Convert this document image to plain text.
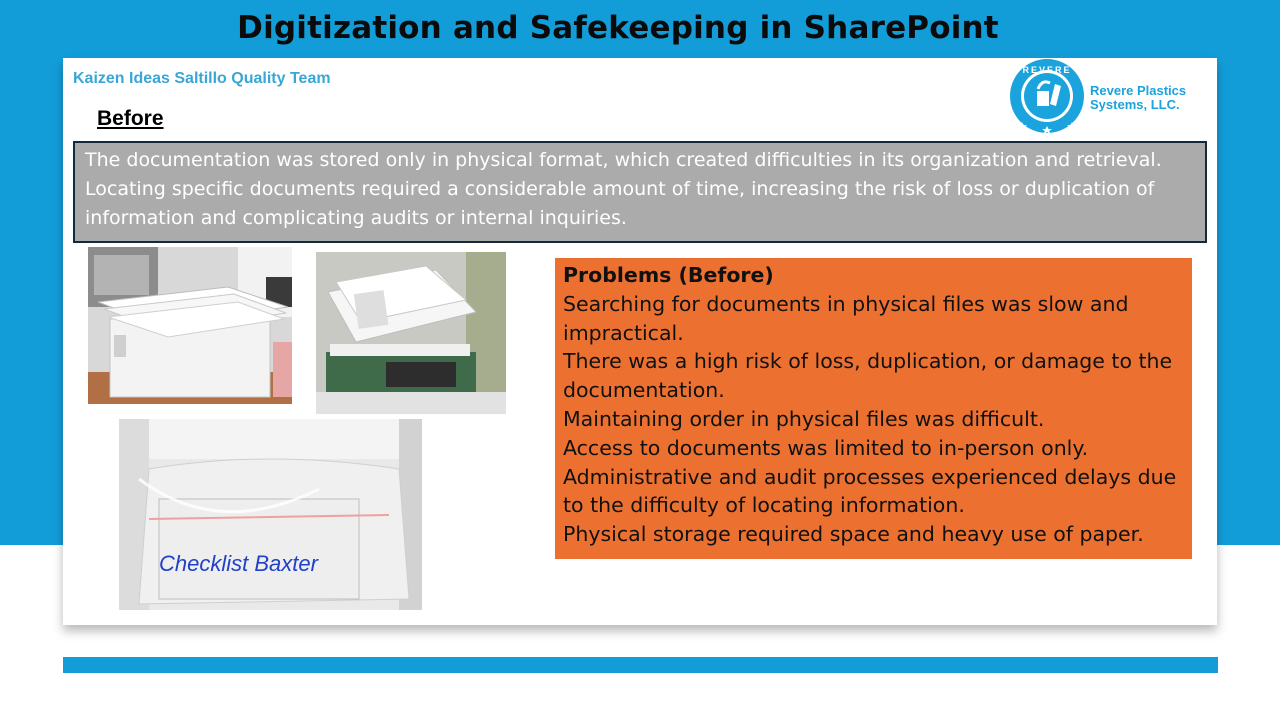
Digitization and Safekeeping in SharePoint
Kaizen Ideas Saltillo Quality Team
Before
REVERE
Revere Plastics
Systems, LLC.
The documentation was stored only in physical format, which created difficulties in its organization and retrieval. Locating specific documents required a considerable amount of time, increasing the risk of loss or duplication of information and complicating audits or internal inquiries.
Checklist Baxter
Problems (Before)
Searching for documents in physical files was slow and impractical.
There was a high risk of loss, duplication, or damage to the documentation.
Maintaining order in physical files was difficult.
Access to documents was limited to in-person only.
Administrative and audit processes experienced delays due to the difficulty of locating information.
Physical storage required space and heavy use of paper.
